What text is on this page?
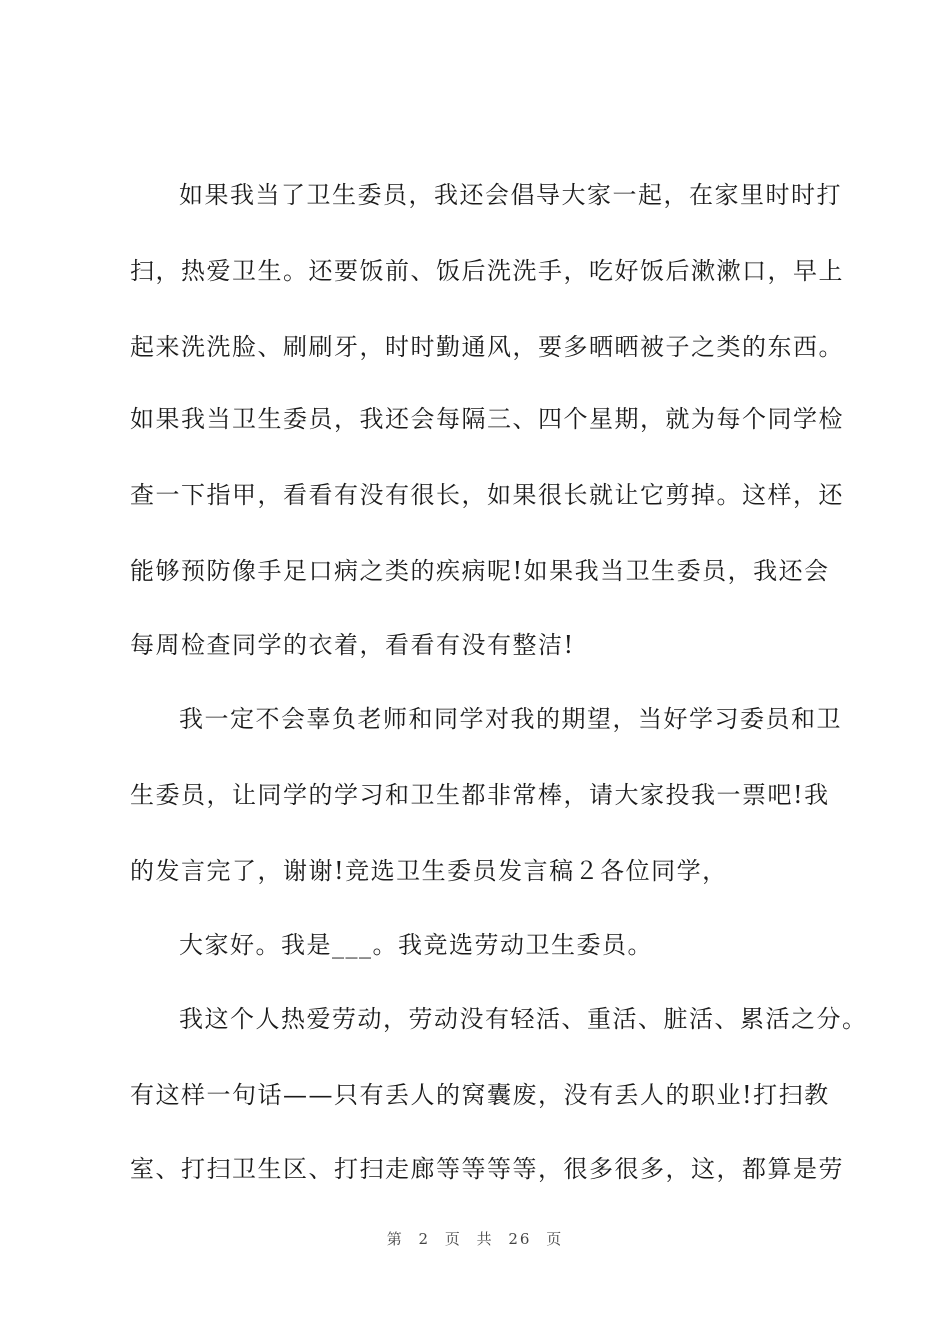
如果我当了卫生委员，我还会倡导大家一起，在家里时时打
扫，热爱卫生。还要饭前、饭后洗洗手，吃好饭后漱漱口，早上
起来洗洗脸、刷刷牙，时时勤通风，要多晒晒被子之类的东西。
如果我当卫生委员，我还会每隔三、四个星期，就为每个同学检
查一下指甲，看看有没有很长，如果很长就让它剪掉。这样，还
能够预防像手足口病之类的疾病呢!如果我当卫生委员，我还会
每周检查同学的衣着，看看有没有整洁!
我一定不会辜负老师和同学对我的期望，当好学习委员和卫
生委员，让同学的学习和卫生都非常棒，请大家投我一票吧!我
的发言完了，谢谢!竞选卫生委员发言稿２各位同学，
大家好。我是___。我竞选劳动卫生委员。
我这个人热爱劳动，劳动没有轻活、重活、脏活、累活之分。
有这样一句话——只有丢人的窝囊废，没有丢人的职业!打扫教
室、打扫卫生区、打扫走廊等等等等，很多很多，这，都算是劳
第 2 页 共 26 页
